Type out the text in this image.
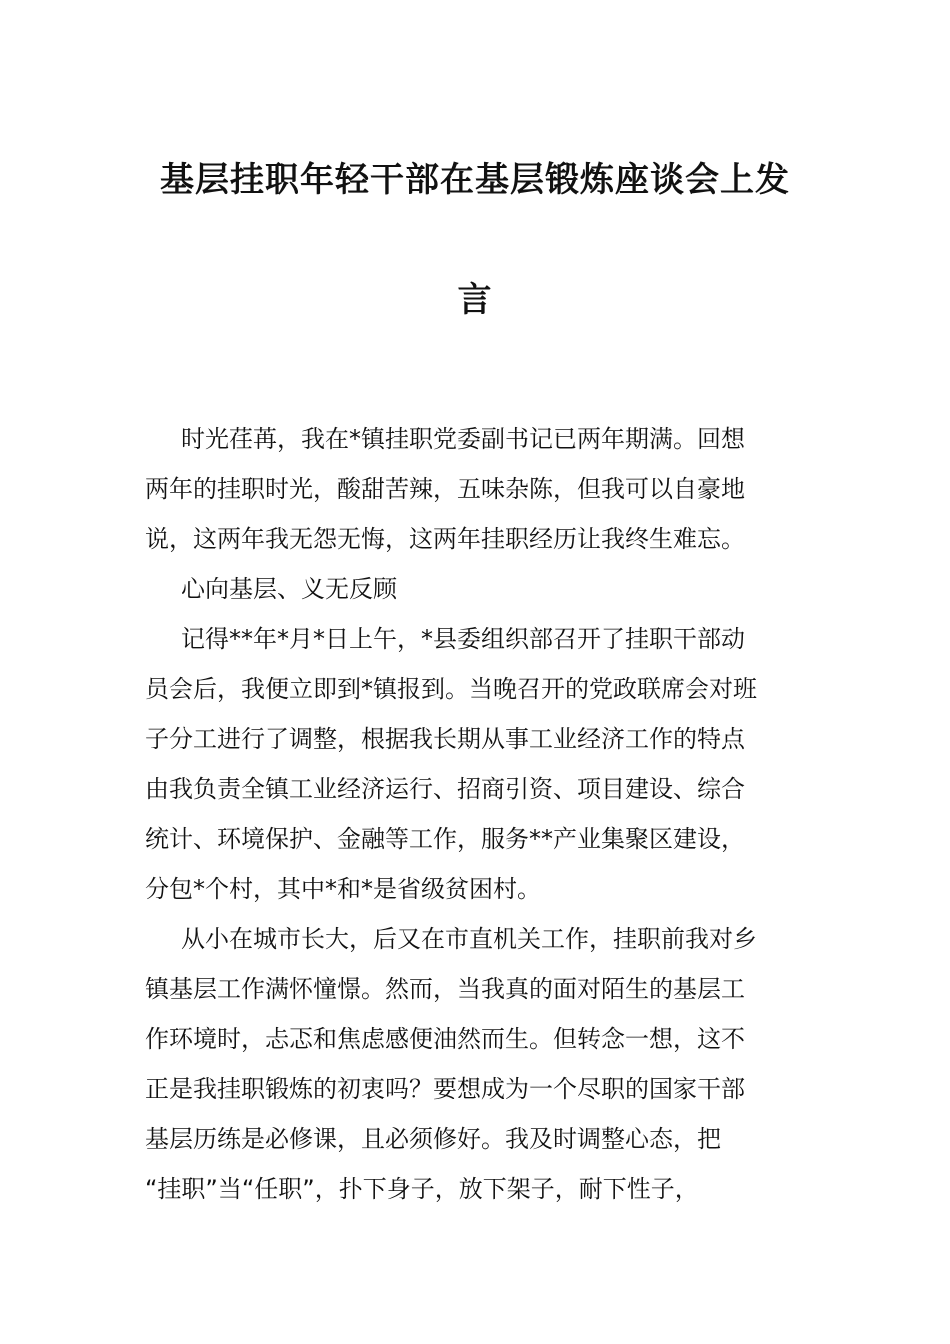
基层挂职年轻干部在基层锻炼座谈会上发
言
时光荏苒，我在*镇挂职党委副书记已两年期满。回想
两年的挂职时光，酸甜苦辣，五味杂陈，但我可以自豪地
说，这两年我无怨无悔，这两年挂职经历让我终生难忘。
心向基层、义无反顾
记得**年*月*日上午，*县委组织部召开了挂职干部动
员会后，我便立即到*镇报到。当晚召开的党政联席会对班
子分工进行了调整，根据我长期从事工业经济工作的特点
由我负责全镇工业经济运行、招商引资、项目建设、综合
统计、环境保护、金融等工作，服务**产业集聚区建设，
分包*个村，其中*和*是省级贫困村。
从小在城市长大，后又在市直机关工作，挂职前我对乡
镇基层工作满怀憧憬。然而，当我真的面对陌生的基层工
作环境时，忐忑和焦虑感便油然而生。但转念一想，这不
正是我挂职锻炼的初衷吗？要想成为一个尽职的国家干部
基层历练是必修课，且必须修好。我及时调整心态，把
“挂职”当“任职”，扑下身子，放下架子，耐下性子，
